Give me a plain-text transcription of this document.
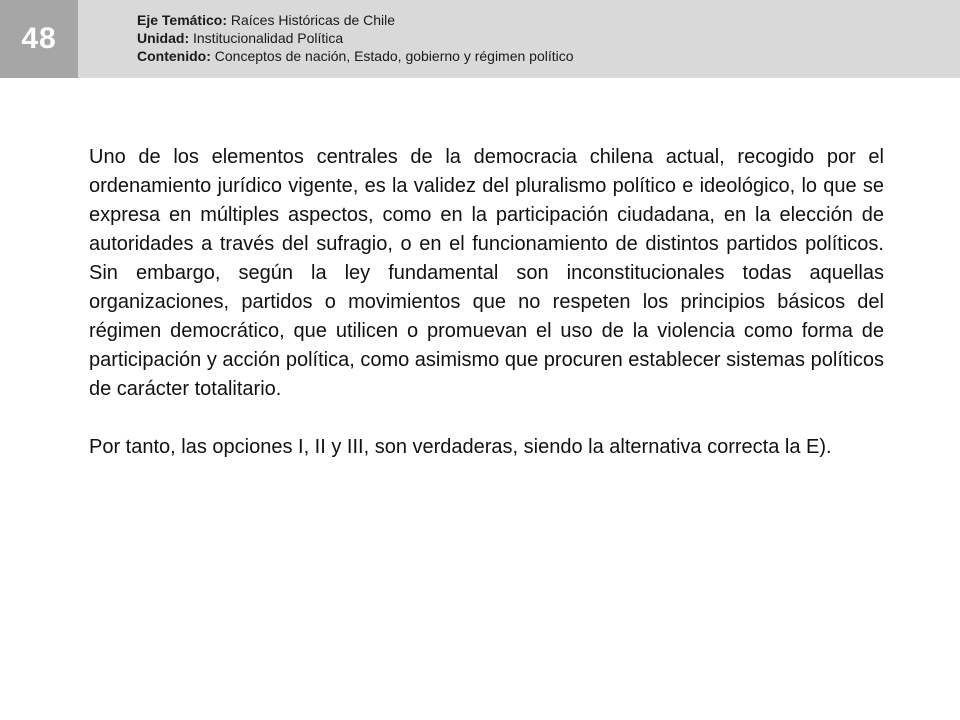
48
Eje Temático: Raíces Históricas de Chile
Unidad: Institucionalidad Política
Contenido: Conceptos de nación, Estado, gobierno y régimen político

Uno de los elementos centrales de la democracia chilena actual, recogido por el ordenamiento jurídico vigente, es la validez del pluralismo político e ideológico, lo que se expresa en múltiples aspectos, como en la participación ciudadana, en la elección de autoridades a través del sufragio, o en el funcionamiento de distintos partidos políticos. Sin embargo, según la ley fundamental son inconstitucionales todas aquellas organizaciones, partidos o movimientos que no respeten los principios básicos del régimen democrático, que utilicen o promuevan el uso de la violencia como forma de participación y acción política, como asimismo que procuren establecer sistemas políticos de carácter totalitario.

Por tanto, las opciones I, II y III, son verdaderas, siendo la alternativa correcta la E).
